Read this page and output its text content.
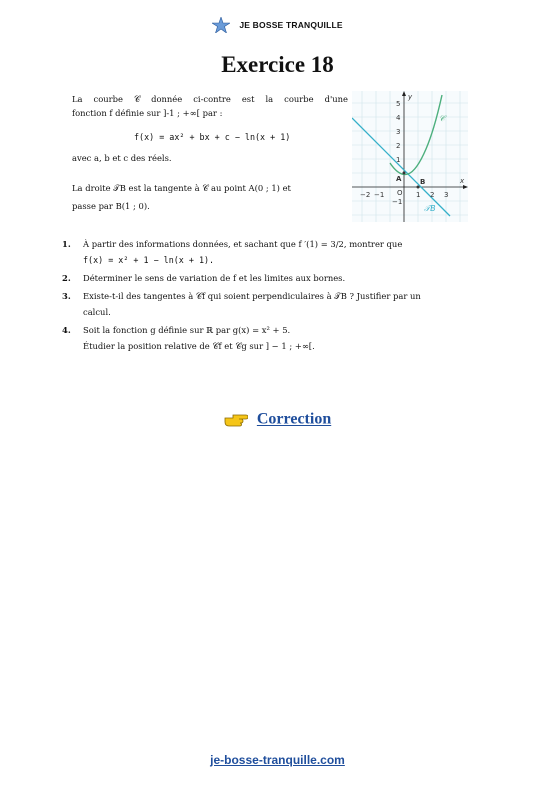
JE BOSSE TRANQUILLE
Exercice 18
La courbe 𝒞 donnée ci-contre est la courbe d'une
fonction f définie sur ]-1 ; +∞[ par :
f(x) = ax² + bx + c − ln(x + 1)
avec a, b et c des réels.
La droite 𝒯B est la tangente à 𝒞 au point A(0 ; 1) et
passe par B(1 ; 0).
−2 −1 O 1 2 3
5
4
3
2
1
−1
x
y
A	B
𝒞
𝒯B
1. À partir des informations données, et sachant que f ′(1) = 3/2, montrer que
f(x) = x² + 1 − ln(x + 1).
2. Déterminer le sens de variation de f et les limites aux bornes.
3. Existe-t-il des tangentes à 𝒞f qui soient perpendiculaires à 𝒯B ? Justifier par un
calcul.
4. Soit la fonction g définie sur ℝ par g(x) = x² + 5.
Étudier la position relative de 𝒞f et 𝒞g sur ] − 1 ; +∞[.
Correction
je-bosse-tranquille.com
